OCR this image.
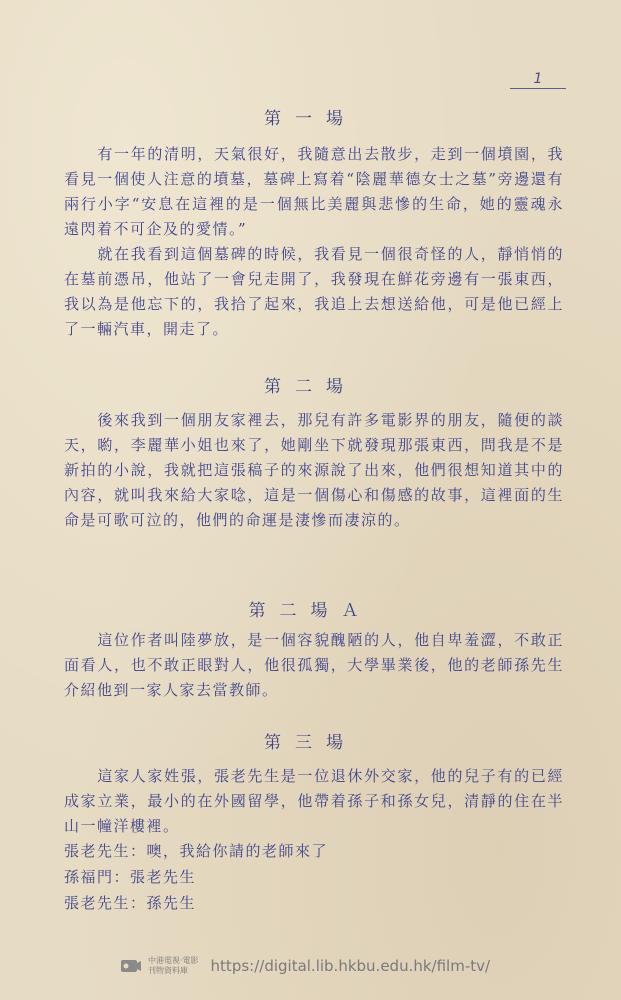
1
第一場
　　有一年的清明，天氣很好，我隨意出去散步，走到一個墳園，我看見一個使人注意的墳墓，墓碑上寫着“陰麗華德女士之墓”旁邊還有兩行小字“安息在這裡的是一個無比美麗與悲慘的生命，她的靈魂永遠閃着不可企及的愛情。”
　　就在我看到這個墓碑的時候，我看見一個很奇怪的人，靜悄悄的在墓前憑吊，他站了一會兒走開了，我發現在鮮花旁邊有一張東西，我以為是他忘下的，我拾了起來，我追上去想送給他，可是他已經上了一輛汽車，開走了。
第二場
　　後來我到一個朋友家裡去，那兒有許多電影界的朋友，隨便的談天，喲，李麗華小姐也來了，她剛坐下就發現那張東西，問我是不是新拍的小說，我就把這張稿子的來源說了出來，他們很想知道其中的內容，就叫我來給大家唸，這是一個傷心和傷感的故事，這裡面的生命是可歌可泣的，他們的命運是淒慘而凄涼的。
第二場Ａ
　　這位作者叫陸夢放，是一個容貌醜陋的人，他自卑羞澀，不敢正面看人，也不敢正眼對人，他很孤獨，大學畢業後，他的老師孫先生介紹他到一家人家去當教師。
第三場
　　這家人家姓張，張老先生是一位退休外交家，他的兒子有的已經成家立業，最小的在外國留學，他帶着孫子和孫女兒，清靜的住在半山一幢洋樓裡。
張老先生：噢，我給你請的老師來了
孫福門：張老先生
張老先生：孫先生
中港電視·電影
刊物資料庫	https://digital.lib.hkbu.edu.hk/film-tv/
